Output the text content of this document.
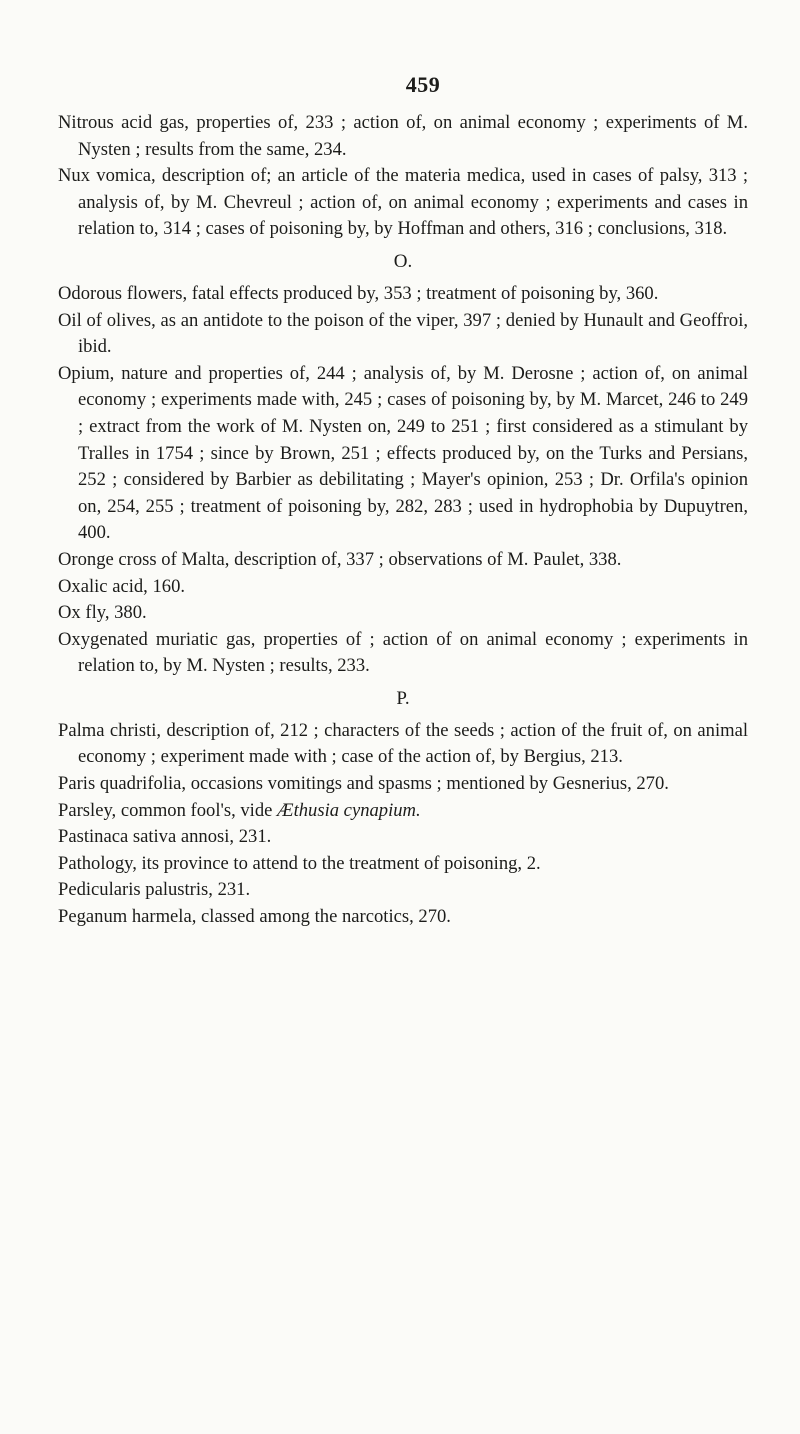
459

Nitrous acid gas, properties of, 233 ; action of, on animal economy ; experiments of M. Nysten ; results from the same, 234.

Nux vomica, description of; an article of the materia medica, used in cases of palsy, 313 ; analysis of, by M. Chevreul ; action of, on animal economy ; experiments and cases in relation to, 314 ; cases of poisoning by, by Hoffman and others, 316 ; conclusions, 318.

O.

Odorous flowers, fatal effects produced by, 353 ; treatment of poisoning by, 360.

Oil of olives, as an antidote to the poison of the viper, 397 ; denied by Hunault and Geoffroi, ibid.

Opium, nature and properties of, 244 ; analysis of, by M. Derosne ; action of, on animal economy ; experiments made with, 245 ; cases of poisoning by, by M. Marcet, 246 to 249 ; extract from the work of M. Nysten on, 249 to 251 ; first considered as a stimulant by Tralles in 1754 ; since by Brown, 251 ; effects produced by, on the Turks and Persians, 252 ; considered by Barbier as debilitating ; Mayer's opinion, 253 ; Dr. Orfila's opinion on, 254, 255 ; treatment of poisoning by, 282, 283 ; used in hydrophobia by Dupuytren, 400.

Oronge cross of Malta, description of, 337 ; observations of M. Paulet, 338.

Oxalic acid, 160.

Ox fly, 380.

Oxygenated muriatic gas, properties of ; action of on animal economy ; experiments in relation to, by M. Nysten ; results, 233.

P.

Palma christi, description of, 212 ; characters of the seeds ; action of the fruit of, on animal economy ; experiment made with ; case of the action of, by Bergius, 213.

Paris quadrifolia, occasions vomitings and spasms ; mentioned by Gesnerius, 270.

Parsley, common fool's, vide Æthusia cynapium.

Pastinaca sativa annosi, 231.

Pathology, its province to attend to the treatment of poisoning, 2.

Pedicularis palustris, 231.

Peganum harmela, classed among the narcotics, 270.
